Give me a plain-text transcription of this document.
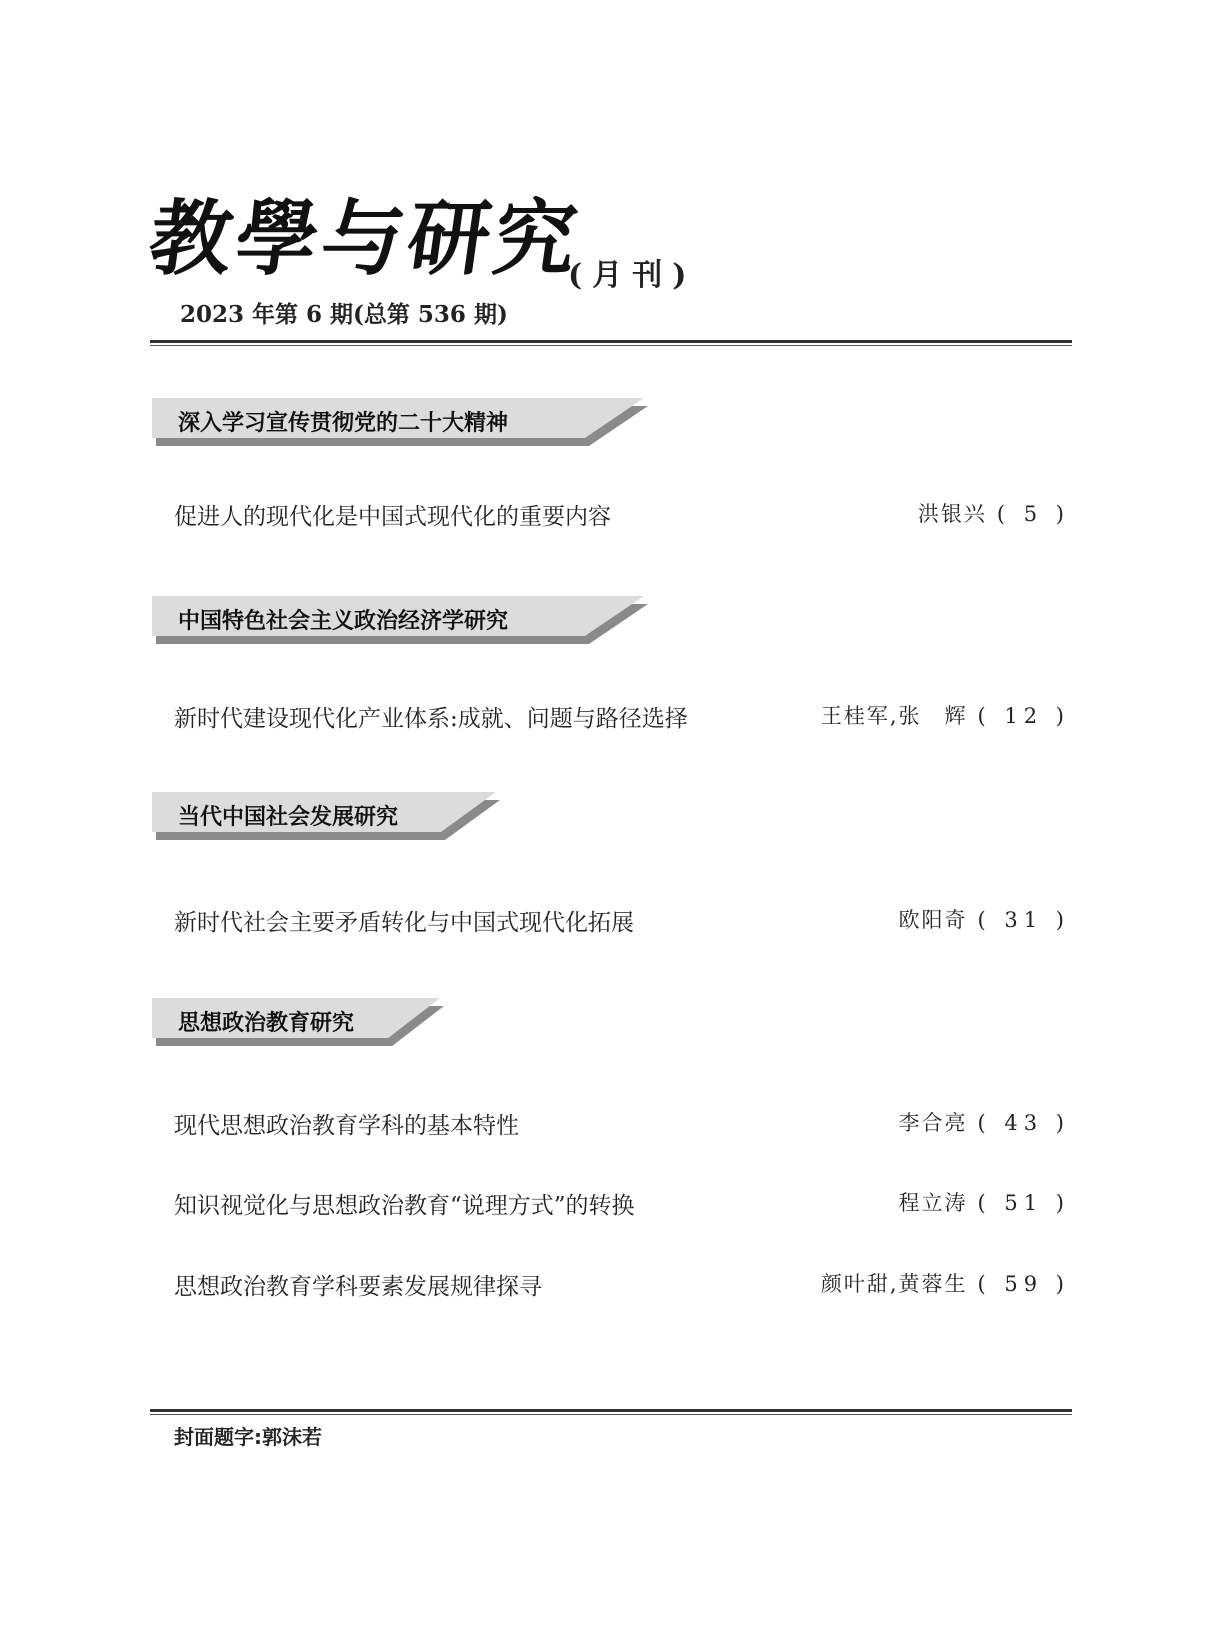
教學与研究
(月刊)
2023 年第 6 期(总第 536 期)
深入学习宣传贯彻党的二十大精神
促进人的现代化是中国式现代化的重要内容	洪银兴 ( 5 )
中国特色社会主义政治经济学研究
新时代建设现代化产业体系:成就、问题与路径选择	王桂军,张　辉 ( 12 )
当代中国社会发展研究
新时代社会主要矛盾转化与中国式现代化拓展	欧阳奇 ( 31 )
思想政治教育研究
现代思想政治教育学科的基本特性	李合亮 ( 43 )
知识视觉化与思想政治教育“说理方式”的转换	程立涛 ( 51 )
思想政治教育学科要素发展规律探寻	颜叶甜,黄蓉生 ( 59 )
封面题字:郭沫若
